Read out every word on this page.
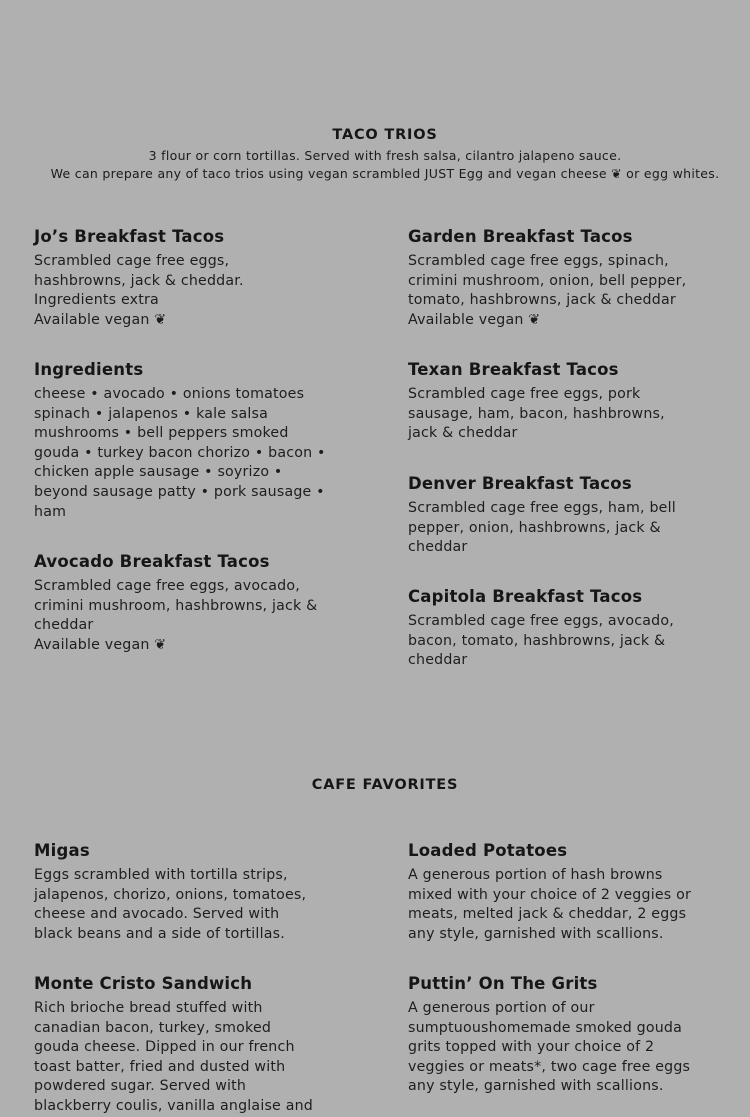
TACO TRIOS
3 flour or corn tortillas. Served with fresh salsa, cilantro jalapeno sauce.
We can prepare any of taco trios using vegan scrambled JUST Egg and vegan cheese ❦ or egg whites.
Jo’s Breakfast Tacos
Scrambled cage free eggs,
hashbrowns, jack & cheddar.
Ingredients extra
Available vegan ❦
Garden Breakfast Tacos
Scrambled cage free eggs, spinach,
crimini mushroom, onion, bell pepper,
tomato, hashbrowns, jack & cheddar
Available vegan ❦
Ingredients
cheese • avocado • onions tomatoes
spinach • jalapenos • kale salsa
mushrooms • bell peppers smoked
gouda • turkey bacon chorizo • bacon •
chicken apple sausage • soyrizo •
beyond sausage patty • pork sausage •
ham
Texan Breakfast Tacos
Scrambled cage free eggs, pork
sausage, ham, bacon, hashbrowns,
jack & cheddar
Denver Breakfast Tacos
Scrambled cage free eggs, ham, bell
pepper, onion, hashbrowns, jack &
cheddar
Avocado Breakfast Tacos
Scrambled cage free eggs, avocado,
crimini mushroom, hashbrowns, jack &
cheddar
Available vegan ❦
Capitola Breakfast Tacos
Scrambled cage free eggs, avocado,
bacon, tomato, hashbrowns, jack &
cheddar
CAFE FAVORITES
Migas
Eggs scrambled with tortilla strips,
jalapenos, chorizo, onions, tomatoes,
cheese and avocado. Served with
black beans and a side of tortillas.
Loaded Potatoes
A generous portion of hash browns
mixed with your choice of 2 veggies or
meats, melted jack & cheddar, 2 eggs
any style, garnished with scallions.
Monte Cristo Sandwich
Rich brioche bread stuffed with
canadian bacon, turkey, smoked
gouda cheese. Dipped in our french
toast batter, fried and dusted with
powdered sugar. Served with
blackberry coulis, vanilla anglaise and
Puttin’ On The Grits
A generous portion of our
sumptuoushomemade smoked gouda
grits topped with your choice of 2
veggies or meats*, two cage free eggs
any style, garnished with scallions.
